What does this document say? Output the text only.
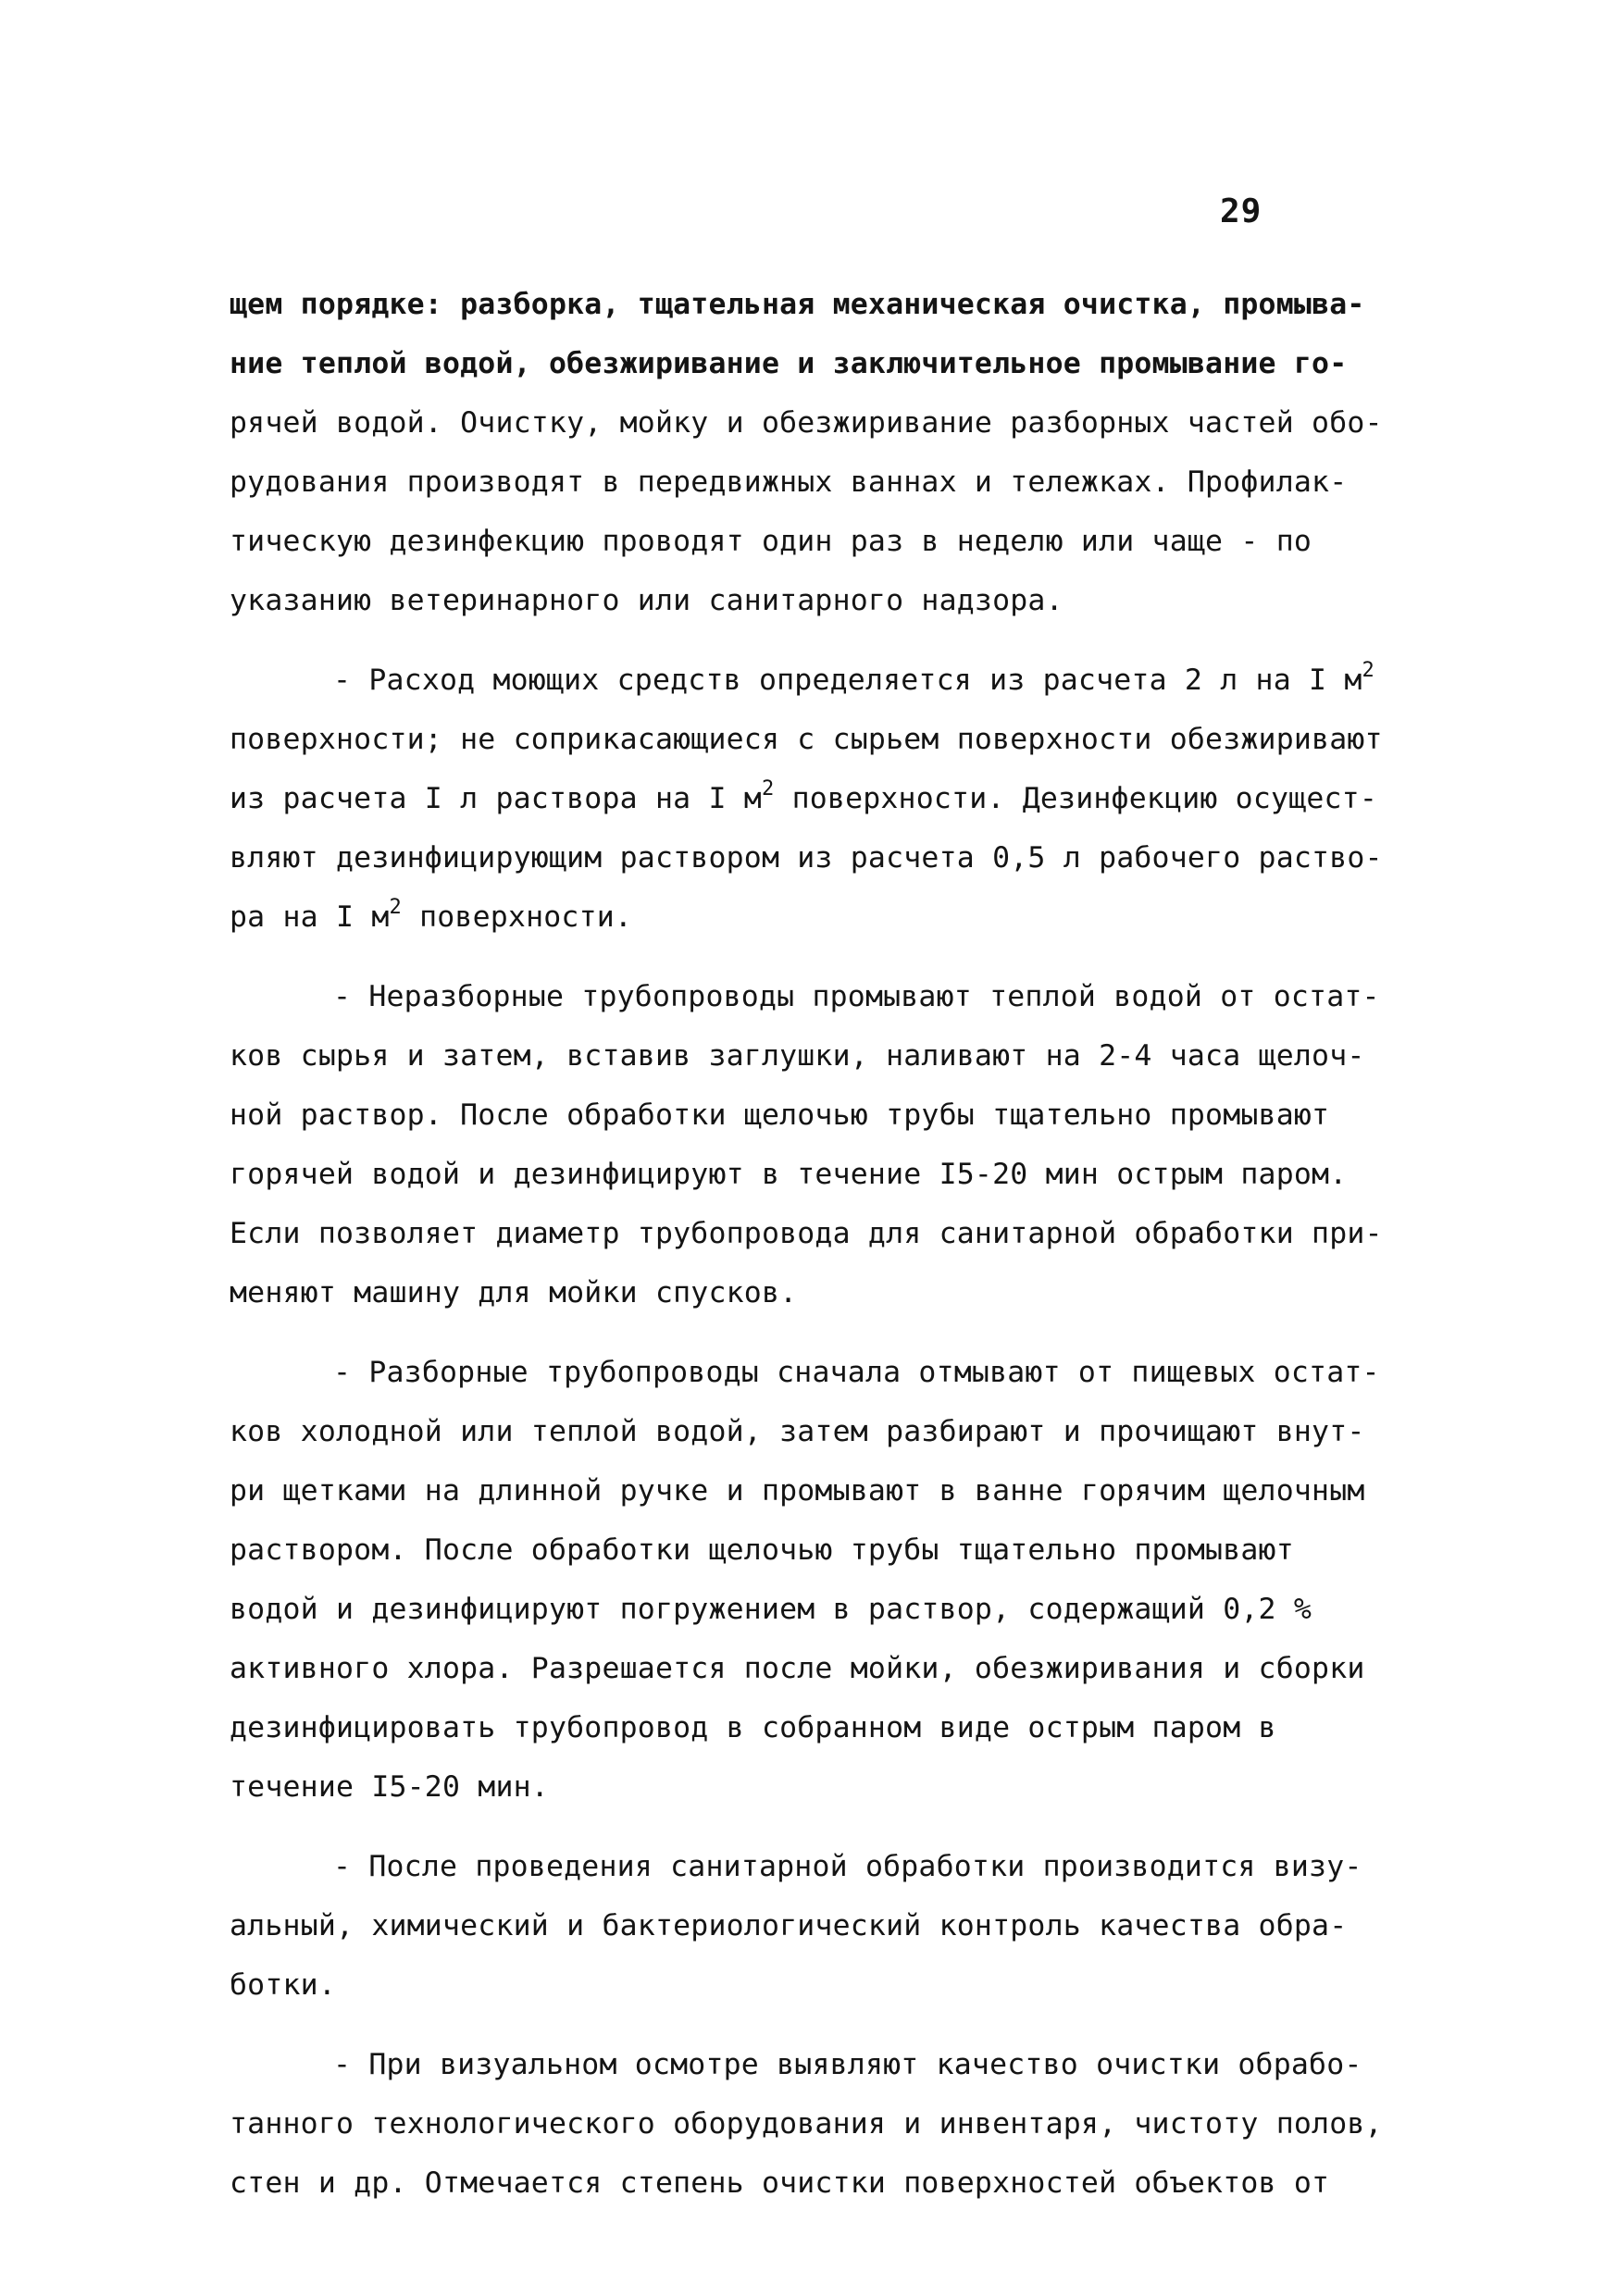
29
щем порядке: разборка, тщательная механическая очистка, промыва-
ние теплой водой, обезжиривание и заключительное промывание го-
рячей водой. Очистку, мойку и обезжиривание разборных частей обо-
рудования производят в передвижных ваннах и тележках. Профилак-
тическую дезинфекцию проводят один раз в неделю или чаще - по
указанию ветеринарного или санитарного надзора.
- Расход моющих средств определяется из расчета 2 л на I $м^2$
поверхности; не соприкасающиеся с сырьем поверхности обезжиривают
из расчета I л раствора на I $м^2$ поверхности. Дезинфекцию осущест-
вляют дезинфицирующим раствором из расчета 0,5 л рабочего раство-
ра на I $м^2$ поверхности.
- Неразборные трубопроводы промывают теплой водой от остат-
ков сырья и затем, вставив заглушки, наливают на 2-4 часа щелоч-
ной раствор. После обработки щелочью трубы тщательно промывают
горячей водой и дезинфицируют в течение I5-20 мин острым паром.
Если позволяет диаметр трубопровода для санитарной обработки при-
меняют машину для мойки спусков.
- Разборные трубопроводы сначала отмывают от пищевых остат-
ков холодной или теплой водой, затем разбирают и прочищают внут-
ри щетками на длинной ручке и промывают в ванне горячим щелочным
раствором. После обработки щелочью трубы тщательно промывают
водой и дезинфицируют погружением в раствор, содержащий 0,2 %
активного хлора. Разрешается после мойки, обезжиривания и сборки
дезинфицировать трубопровод в собранном виде острым паром в
течение I5-20 мин.
- После проведения санитарной обработки производится визу-
альный, химический и бактериологический контроль качества обра-
ботки.
- При визуальном осмотре выявляют качество очистки обрабо-
танного технологического оборудования и инвентаря, чистоту полов,
стен и др. Отмечается степень очистки поверхностей объектов от
